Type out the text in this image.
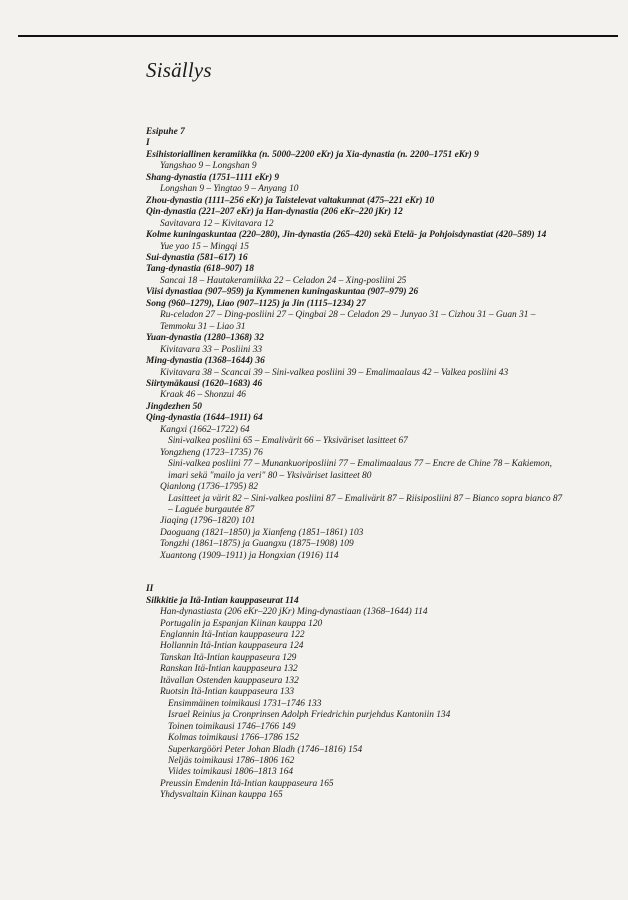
Sisällys
Esipuhe 7
I
Esihistoriallinen keramiikka (n. 5000–2200 eKr) ja Xia-dynastia (n. 2200–1751 eKr) 9
Yangshao 9 – Longshan 9
Shang-dynastia (1751–1111 eKr) 9
Longshan 9 – Yingtao 9 – Anyang 10
Zhou-dynastia (1111–256 eKr) ja Taistelevat valtakunnat (475–221 eKr) 10
Qin-dynastia (221–207 eKr) ja Han-dynastia (206 eKr–220 jKr) 12
Savitavara 12 – Kivitavara 12
Kolme kuningaskuntaa (220–280), Jin-dynastia (265–420) sekä Etelä- ja Pohjoisdynastiat (420–589) 14
Yue yao 15 – Mingqi 15
Sui-dynastia (581–617) 16
Tang-dynastia (618–907) 18
Sancai 18 – Hautakeramiikka 22 – Celadon 24 – Xing-posliini 25
Viisi dynastiaa (907–959) ja Kymmenen kuningaskuntaa (907–979) 26
Song (960–1279), Liao (907–1125) ja Jin (1115–1234) 27
Ru-celadon 27 – Ding-posliini 27 – Qingbai 28 – Celadon 29 – Junyao 31 – Cizhou 31 – Guan 31 –
Temmoku 31 – Liao 31
Yuan-dynastia (1280–1368) 32
Kivitavara 33 – Posliini 33
Ming-dynastia (1368–1644) 36
Kivitavara 38 – Scancai 39 – Sini-valkea posliini 39 – Emalimaalaus 42 – Valkea posliini 43
Siirtymäkausi (1620–1683) 46
Kraak 46 – Shonzui 46
Jingdezhen 50
Qing-dynastia (1644–1911) 64
Kangxi (1662–1722) 64
Sini-valkea posliini 65 – Emalivärit 66 – Yksiväriset lasitteet 67
Yongzheng (1723–1735) 76
Sini-valkea posliini 77 – Munankuoriposliini 77 – Emalimaalaus 77 – Encre de Chine 78 – Kakiemon,
imari sekä "mailo ja veri" 80 – Yksiväriset lasitteet 80
Qianlong (1736–1795) 82
Lasitteet ja värit 82 – Sini-valkea posliini 87 – Emalivärit 87 – Riisiposliini 87 – Bianco sopra bianco 87
– Laguée burgautée 87
Jiaqing (1796–1820) 101
Daoguang (1821–1850) ja Xianfeng (1851–1861) 103
Tongzhi (1861–1875) ja Guangxu (1875–1908) 109
Xuantong (1909–1911) ja Hongxian (1916) 114
II
Silkkitie ja Itä-Intian kauppaseurat 114
Han-dynastiasta (206 eKr–220 jKr) Ming-dynastiaan (1368–1644) 114
Portugalin ja Espanjan Kiinan kauppa 120
Englannin Itä-Intian kauppaseura 122
Hollannin Itä-Intian kauppaseura 124
Tanskan Itä-Intian kauppaseura 129
Ranskan Itä-Intian kauppaseura 132
Itävallan Ostenden kauppaseura 132
Ruotsin Itä-Intian kauppaseura 133
Ensimmäinen toimikausi 1731–1746 133
Israel Reinius ja Cronprinsen Adolph Friedrichin purjehdus Kantoniin 134
Toinen toimikausi 1746–1766 149
Kolmas toimikausi 1766–1786 152
Superkargööri Peter Johan Bladh (1746–1816) 154
Neljäs toimikausi 1786–1806 162
Viides toimikausi 1806–1813 164
Preussin Emdenin Itä-Intian kauppaseura 165
Yhdysvaltain Kiinan kauppa 165
